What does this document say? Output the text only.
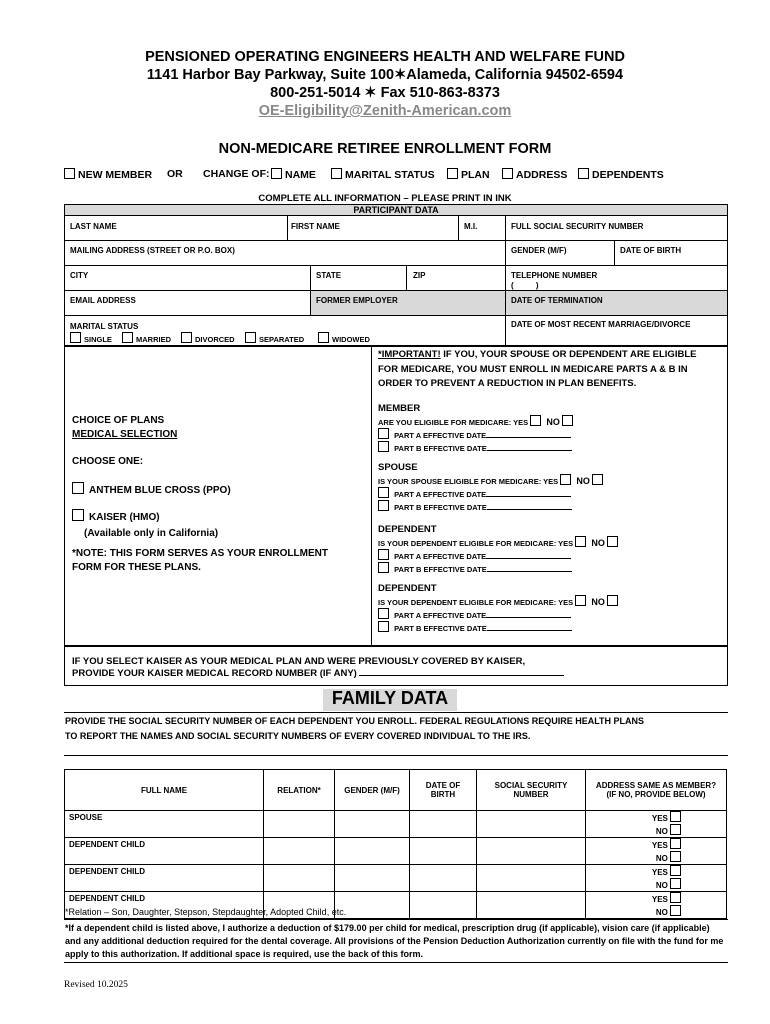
PENSIONED OPERATING ENGINEERS HEALTH AND WELFARE FUND
1141 Harbor Bay Parkway, Suite 100✶Alameda, California 94502-6594
800-251-5014 ✶ Fax 510-863-8373
OE-Eligibility@Zenith-American.com
NON-MEDICARE RETIREE ENROLLMENT FORM
NEW MEMBER OR CHANGE OF:	NAME	MARITAL STATUS	PLAN	ADDRESS	DEPENDENTS
COMPLETE ALL INFORMATION – PLEASE PRINT IN INK
PARTICIPANT DATA
LAST NAME	FIRST NAME	M.I.	FULL SOCIAL SECURITY NUMBER
MAILING ADDRESS (STREET OR P.O. BOX)	GENDER (M/F)	DATE OF BIRTH
CITY	STATE	ZIP	TELEPHONE NUMBER
(          )
EMAIL ADDRESS	FORMER EMPLOYER	DATE OF TERMINATION
MARITAL STATUS	DATE OF MOST RECENT MARRIAGE/DIVORCE
SINGLE	MARRIED	DIVORCED	SEPARATED	WIDOWED
CHOICE OF PLANS
MEDICAL SELECTION
CHOOSE ONE:
ANTHEM BLUE CROSS (PPO)
KAISER (HMO)
(Available only in California)
*NOTE: THIS FORM SERVES AS YOUR ENROLLMENT
FORM FOR THESE PLANS.
*IMPORTANT! IF YOU, YOUR SPOUSE OR DEPENDENT ARE ELIGIBLE
FOR MEDICARE, YOU MUST ENROLL IN MEDICARE PARTS A & B IN
ORDER TO PREVENT A REDUCTION IN PLAN BENEFITS.
MEMBER
ARE YOU ELIGIBLE FOR MEDICARE: YES NO
PART A EFFECTIVE DATE
PART B EFFECTIVE DATE
SPOUSE
IS YOUR SPOUSE ELIGIBLE FOR MEDICARE: YES NO
PART A EFFECTIVE DATE
PART B EFFECTIVE DATE
DEPENDENT
IS YOUR DEPENDENT ELIGIBLE FOR MEDICARE: YES NO
PART A EFFECTIVE DATE
PART B EFFECTIVE DATE
DEPENDENT
IS YOUR DEPENDENT ELIGIBLE FOR MEDICARE: YES NO
PART A EFFECTIVE DATE
PART B EFFECTIVE DATE
IF YOU SELECT KAISER AS YOUR MEDICAL PLAN AND WERE PREVIOUSLY COVERED BY KAISER,
PROVIDE YOUR KAISER MEDICAL RECORD NUMBER (IF ANY)
FAMILY DATA
PROVIDE THE SOCIAL SECURITY NUMBER OF EACH DEPENDENT YOU ENROLL. FEDERAL REGULATIONS REQUIRE HEALTH PLANS
TO REPORT THE NAMES AND SOCIAL SECURITY NUMBERS OF EVERY COVERED INDIVIDUAL TO THE IRS.
FULL NAME	RELATION*	GENDER (M/F)	DATE OF BIRTH	SOCIAL SECURITY NUMBER	ADDRESS SAME AS MEMBER?
(IF NO, PROVIDE BELOW)
SPOUSE					YES
NO

DEPENDENT CHILD					YES
NO

DEPENDENT CHILD					YES
NO

DEPENDENT CHILD					YES
NO
*Relation – Son, Daughter, Stepson, Stepdaughter, Adopted Child, etc.
*If a dependent child is listed above, I authorize a deduction of $179.00 per child for medical, prescription drug (if applicable), vision care (if applicable) and any additional deduction required for the dental coverage. All provisions of the Pension Deduction Authorization currently on file with the fund for me apply to this authorization. If additional space is required, use the back of this form.
Revised 10.2025
